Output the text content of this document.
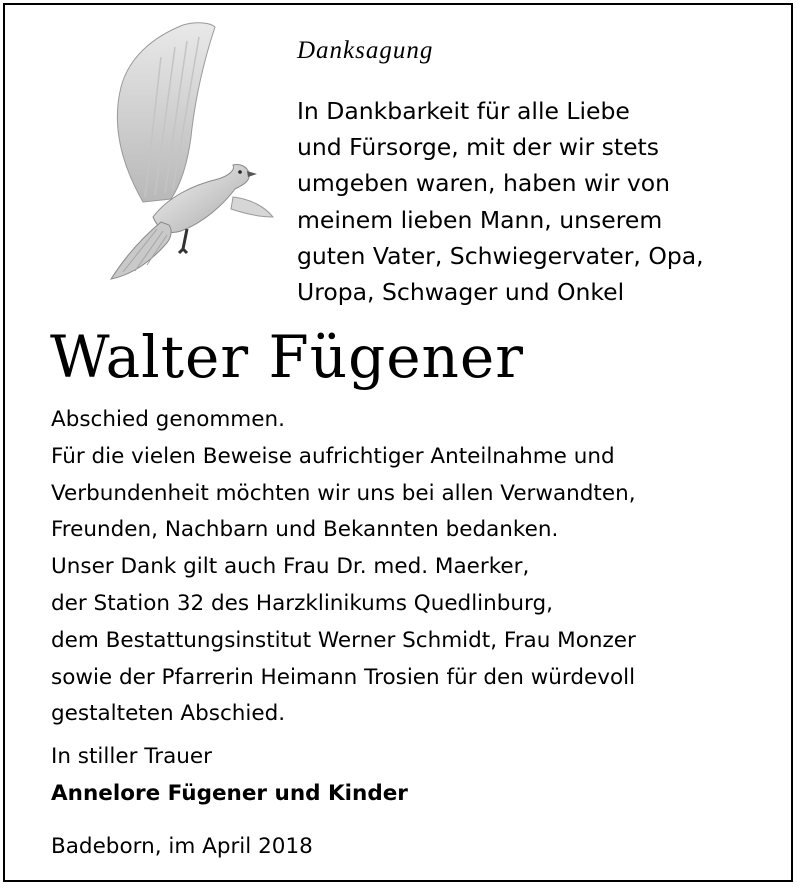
Danksagung

In Dankbarkeit für alle Liebe
und Fürsorge, mit der wir stets
umgeben waren, haben wir von
meinem lieben Mann, unserem
guten Vater, Schwiegervater, Opa,
Uropa, Schwager und Onkel
Walter Fügener
Abschied genommen.
Für die vielen Beweise aufrichtiger Anteilnahme und
Verbundenheit möchten wir uns bei allen Verwandten,
Freunden, Nachbarn und Bekannten bedanken.
Unser Dank gilt auch Frau Dr. med. Maerker,
der Station 32 des Harzklinikums Quedlinburg,
dem Bestattungsinstitut Werner Schmidt, Frau Monzer
sowie der Pfarrerin Heimann Trosien für den würdevoll
gestalteten Abschied.
In stiller Trauer
Annelore Fügener und Kinder
Badeborn, im April 2018
